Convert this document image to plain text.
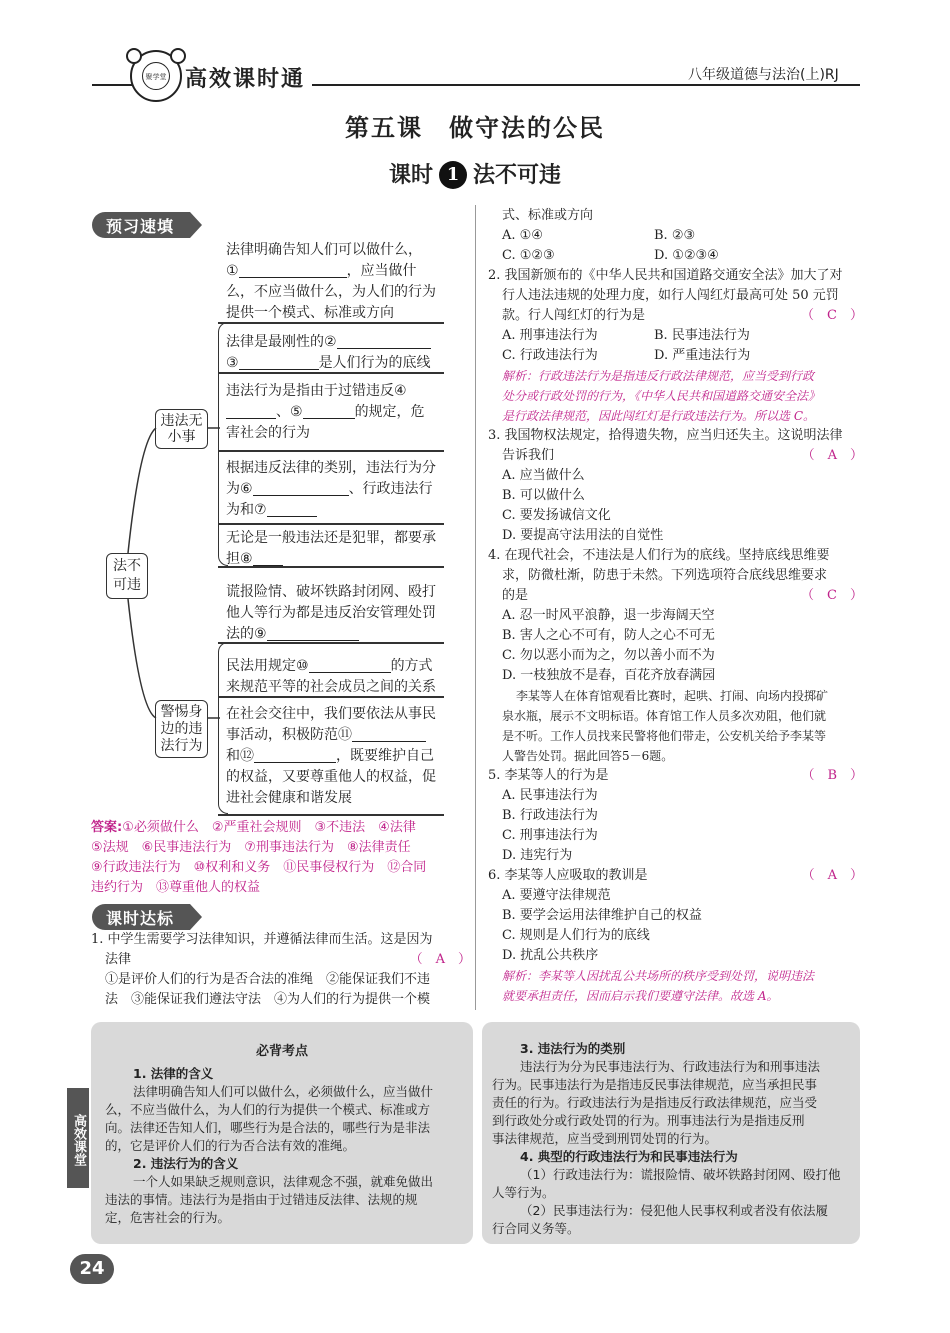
聚学堂 高效课时通	八年级道德与法治(上)RJ
第五课　做守法的公民
课时 1 法不可违
预习速填
法不可违
违法无小事
警惕身边的违法行为
法律明确告知人们可以做什么，
①	，应当做什
么，不应当做什么，为人们的行为
提供一个模式、标准或方向
法律是最刚性的②
③	是人们行为的底线
违法行为是指由于过错违反④
、⑤	的规定，危
害社会的行为
根据违反法律的类别，违法行为分
为⑥	、行政违法行
为和⑦
无论是一般违法还是犯罪，都要承
担⑧
谎报险情、破坏铁路封闭网、殴打
他人等行为都是违反治安管理处罚
法的⑨
民法用规定⑩	的方式
来规范平等的社会成员之间的关系
在社会交往中，我们要依法从事民
事活动，积极防范⑪
和⑫	，既要维护自己
的权益，又要尊重他人的权益，促
进社会健康和谐发展
答案:①必须做什么　②严重社会规则　③不违法　④法律
⑤法规　⑥民事违法行为　⑦刑事违法行为　⑧法律责任
⑨行政违法行为　⑩权利和义务　⑪民事侵权行为　⑫合同
违约行为　⑬尊重他人的权益
课时达标
1. 中学生需要学习法律知识，并遵循法律而生活。这是因为
法律	（　A　）
①是评价人们的行为是否合法的准绳　②能保证我们不违
法　③能保证我们遵法守法　④为人们的行为提供一个模
式、标准或方向
A. ①④	B. ②③
C. ①②③	D. ①②③④
2. 我国新颁布的《中华人民共和国道路交通安全法》加大了对
行人违法违规的处理力度，如行人闯红灯最高可处 50 元罚
款。行人闯红灯的行为是	（　C　）
A. 刑事违法行为	B. 民事违法行为
C. 行政违法行为	D. 严重违法行为
解析：行政违法行为是指违反行政法律规范，应当受到行政
处分或行政处罚的行为，《中华人民共和国道路交通安全法》
是行政法律规范，因此闯红灯是行政违法行为。所以选 C。
3. 我国物权法规定，拾得遗失物，应当归还失主。这说明法律
告诉我们	（　A　）
A. 应当做什么
B. 可以做什么
C. 要发扬诚信文化
D. 要提高守法用法的自觉性
4. 在现代社会，不违法是人们行为的底线。坚持底线思维要
求，防微杜渐，防患于未然。下列选项符合底线思维要求
的是	（　C　）
A. 忍一时风平浪静，退一步海阔天空
B. 害人之心不可有，防人之心不可无
C. 勿以恶小而为之，勿以善小而不为
D. 一枝独放不是春，百花齐放春满园
李某等人在体育馆观看比赛时，起哄、打闹、向场内投掷矿
泉水瓶，展示不文明标语。体育馆工作人员多次劝阻，他们就
是不听。工作人员找来民警将他们带走，公安机关给予李某等
人警告处罚。据此回答5－6题。
5. 李某等人的行为是	（　B　）
A. 民事违法行为
B. 行政违法行为
C. 刑事违法行为
D. 违宪行为
6. 李某等人应吸取的教训是	（　A　）
A. 要遵守法律规范
B. 要学会运用法律维护自己的权益
C. 规则是人们行为的底线
D. 扰乱公共秩序
解析：李某等人因扰乱公共场所的秩序受到处罚，说明违法
就要承担责任，因而启示我们要遵守法律。故选 A。
必背考点

1. 法律的含义

法律明确告知人们可以做什么，必须做什么，应当做什

么，不应当做什么，为人们的行为提供一个模式、标准或方

向。法律还告知人们，哪些行为是合法的，哪些行为是非法

的，它是评价人们的行为否合法有效的准绳。

2. 违法行为的含义

一个人如果缺乏规则意识，法律观念不强，就难免做出

违法的事情。违法行为是指由于过错违反法律、法规的规

定，危害社会的行为。

3. 违法行为的类别

违法行为分为民事违法行为、行政违法行为和刑事违法

行为。民事违法行为是指违反民事法律规范，应当承担民事

责任的行为。行政违法行为是指违反行政法律规范，应当受

到行政处分或行政处罚的行为。刑事违法行为是指违反刑

事法律规范，应当受到刑罚处罚的行为。

4. 典型的行政违法行为和民事违法行为

（1）行政违法行为：谎报险情、破坏铁路封闭网、殴打他

人等行为。

（2）民事违法行为：侵犯他人民事权利或者没有依法履

行合同义务等。

高效课堂
24
